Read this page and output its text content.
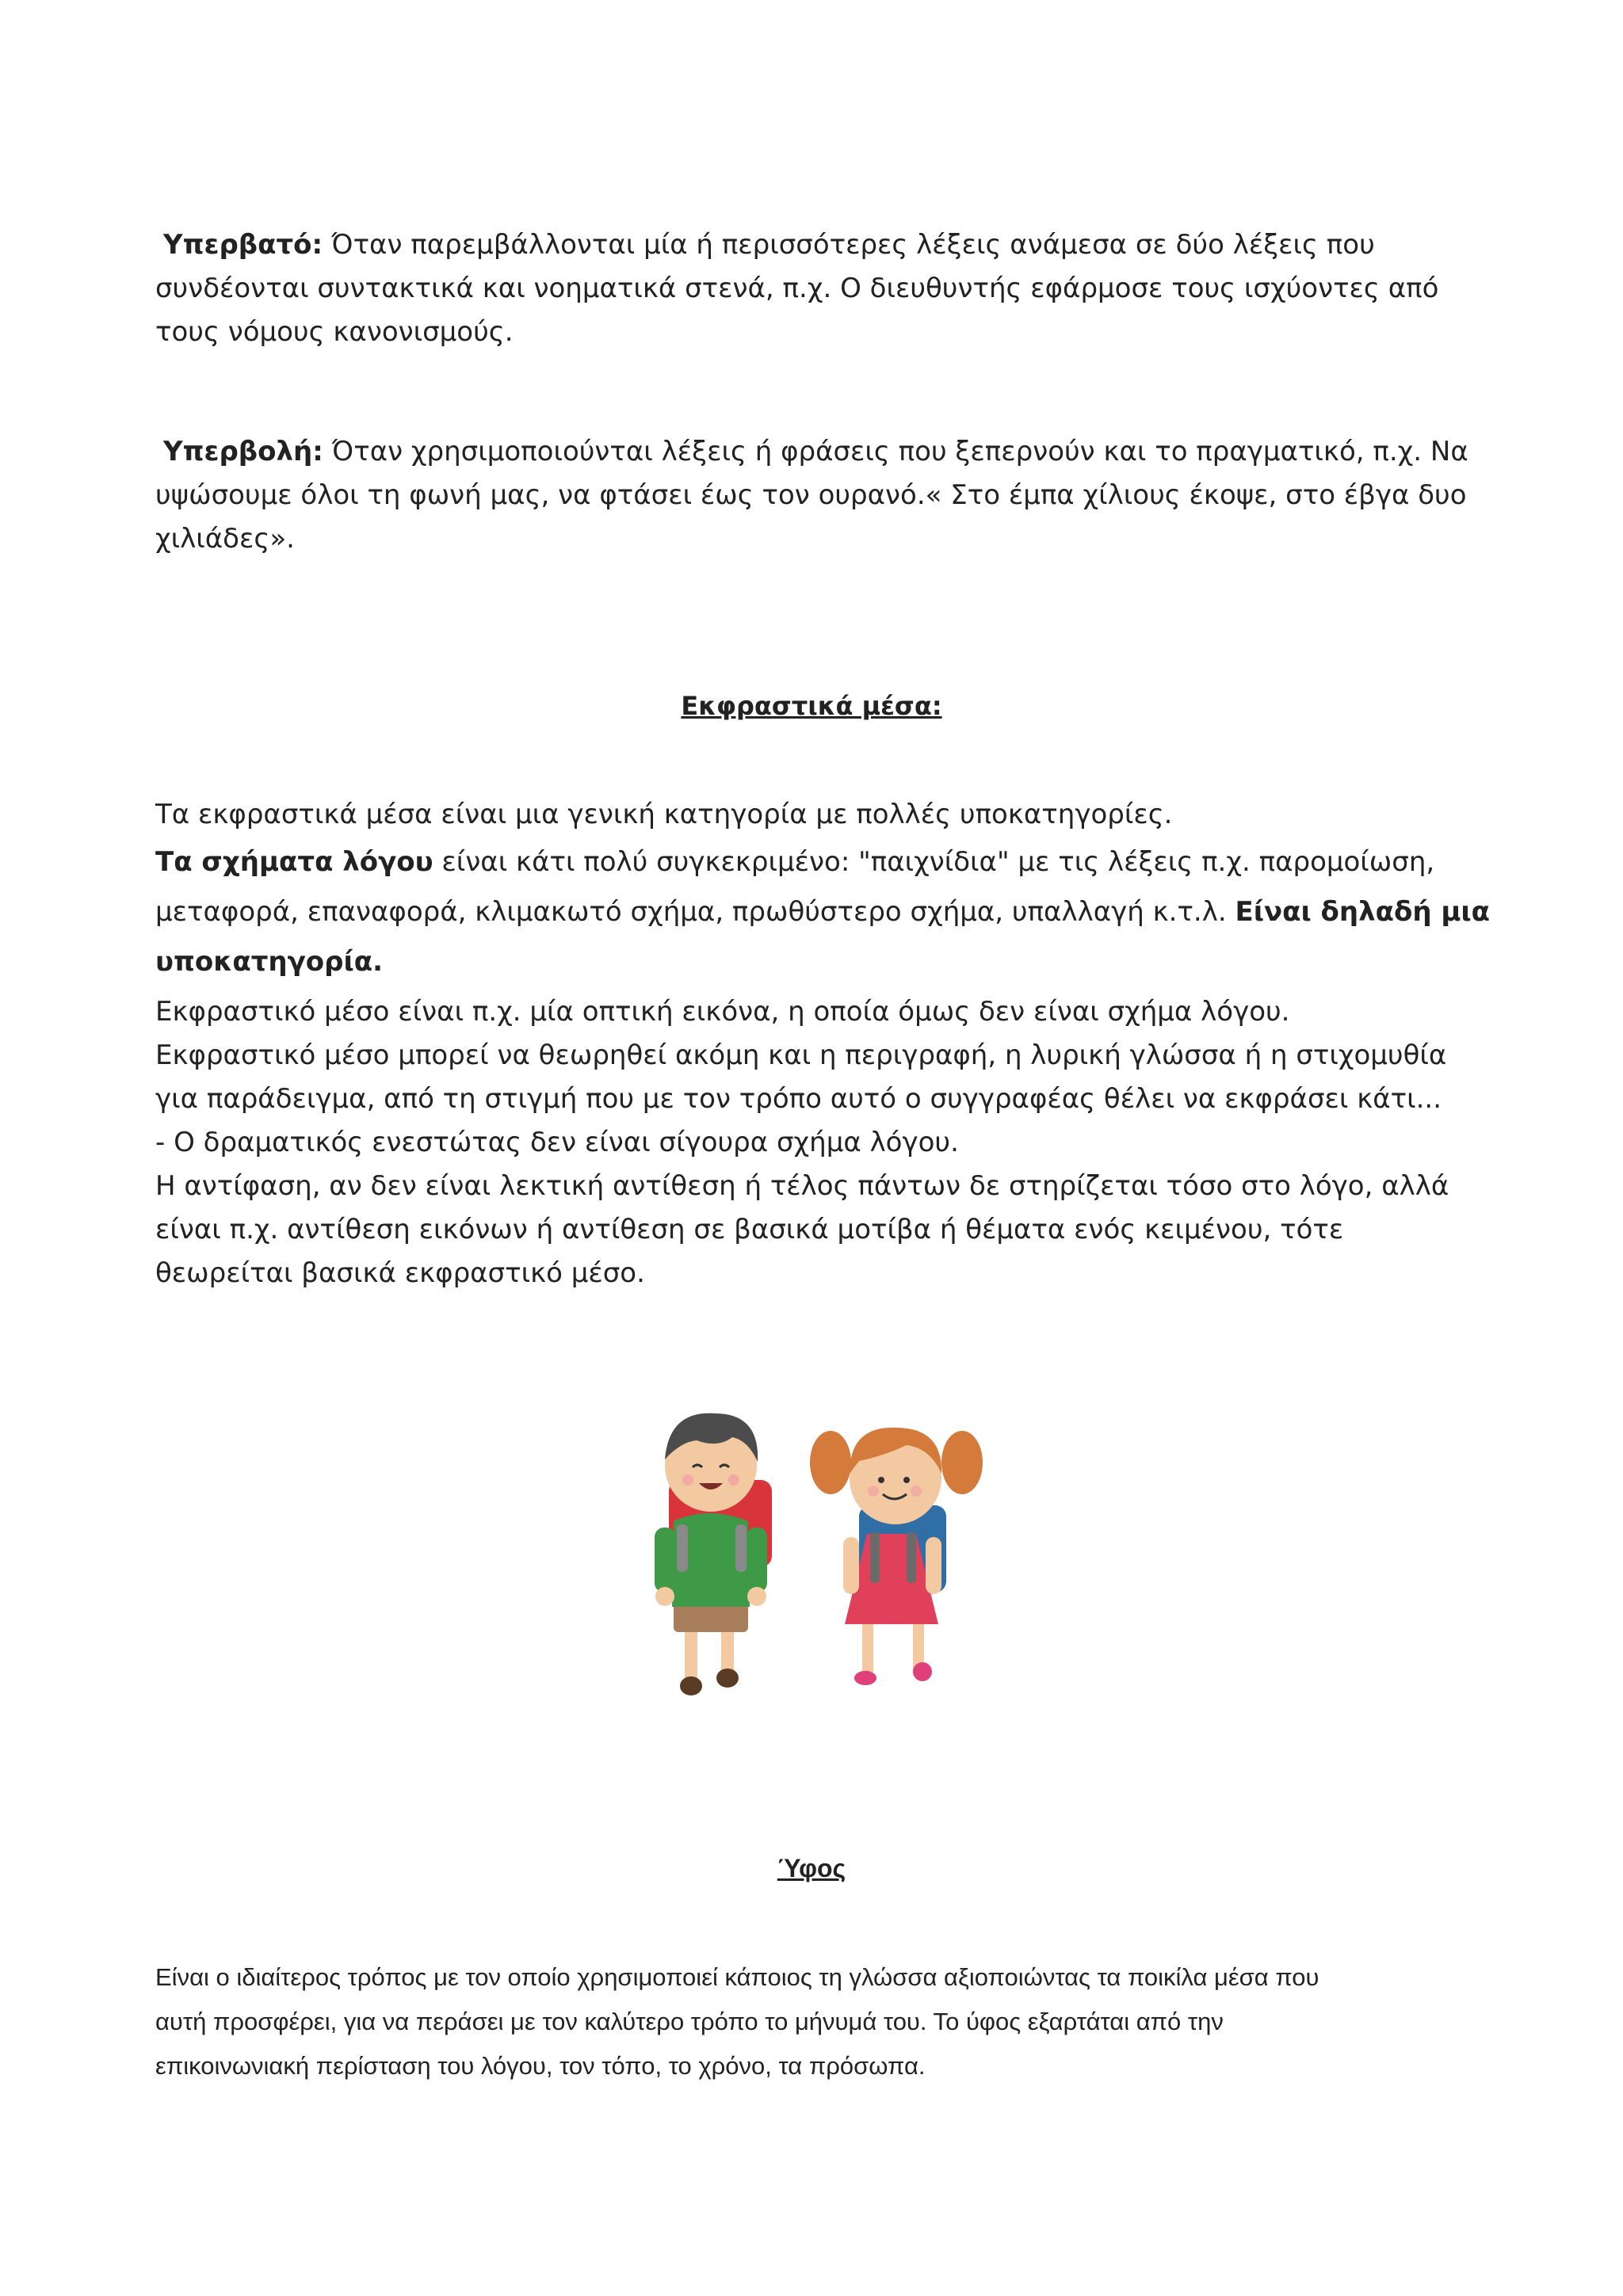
Υπερβατό: Όταν παρεμβάλλονται μία ή περισσότερες λέξεις ανάμεσα σε δύο λέξεις που
συνδέονται συντακτικά και νοηματικά στενά, π.χ. Ο διευθυντής εφάρμοσε τους ισχύοντες από
τους νόμους κανονισμούς.

Υπερβολή: Όταν χρησιμοποιούνται λέξεις ή φράσεις που ξεπερνούν και το πραγματικό, π.χ. Να
υψώσουμε όλοι τη φωνή μας, να φτάσει έως τον ουρανό.« Στο έμπα χίλιους έκοψε, στο έβγα δυο
χιλιάδες».

Εκφραστικά μέσα:

Τα εκφραστικά μέσα είναι μια γενική κατηγορία με πολλές υποκατηγορίες.
Τα σχήματα λόγου είναι κάτι πολύ συγκεκριμένο: "παιχνίδια" με τις λέξεις π.χ. παρομοίωση,
μεταφορά, επαναφορά, κλιμακωτό σχήμα, πρωθύστερο σχήμα, υπαλλαγή κ.τ.λ. Είναι δηλαδή μια
υποκατηγορία.

Εκφραστικό μέσο είναι π.χ. μία οπτική εικόνα, η οποία όμως δεν είναι σχήμα λόγου.
Εκφραστικό μέσο μπορεί να θεωρηθεί ακόμη και η περιγραφή, η λυρική γλώσσα ή η στιχομυθία
για παράδειγμα, από τη στιγμή που με τον τρόπο αυτό ο συγγραφέας θέλει να εκφράσει κάτι...
- Ο δραματικός ενεστώτας δεν είναι σίγουρα σχήμα λόγου.
Η αντίφαση, αν δεν είναι λεκτική αντίθεση ή τέλος πάντων δε στηρίζεται τόσο στο λόγο, αλλά
είναι π.χ. αντίθεση εικόνων ή αντίθεση σε βασικά μοτίβα ή θέματα ενός κειμένου, τότε
θεωρείται βασικά εκφραστικό μέσο.

Ύφος

Είναι ο ιδιαίτερος τρόπος με τον οποίο χρησιμοποιεί κάποιος τη γλώσσα αξιοποιώντας τα ποικίλα μέσα που
αυτή προσφέρει, για να περάσει με τον καλύτερο τρόπο το μήνυμά του. Το ύφος εξαρτάται από την
επικοινωνιακή περίσταση του λόγου, τον τόπο, το χρόνο, τα πρόσωπα.
